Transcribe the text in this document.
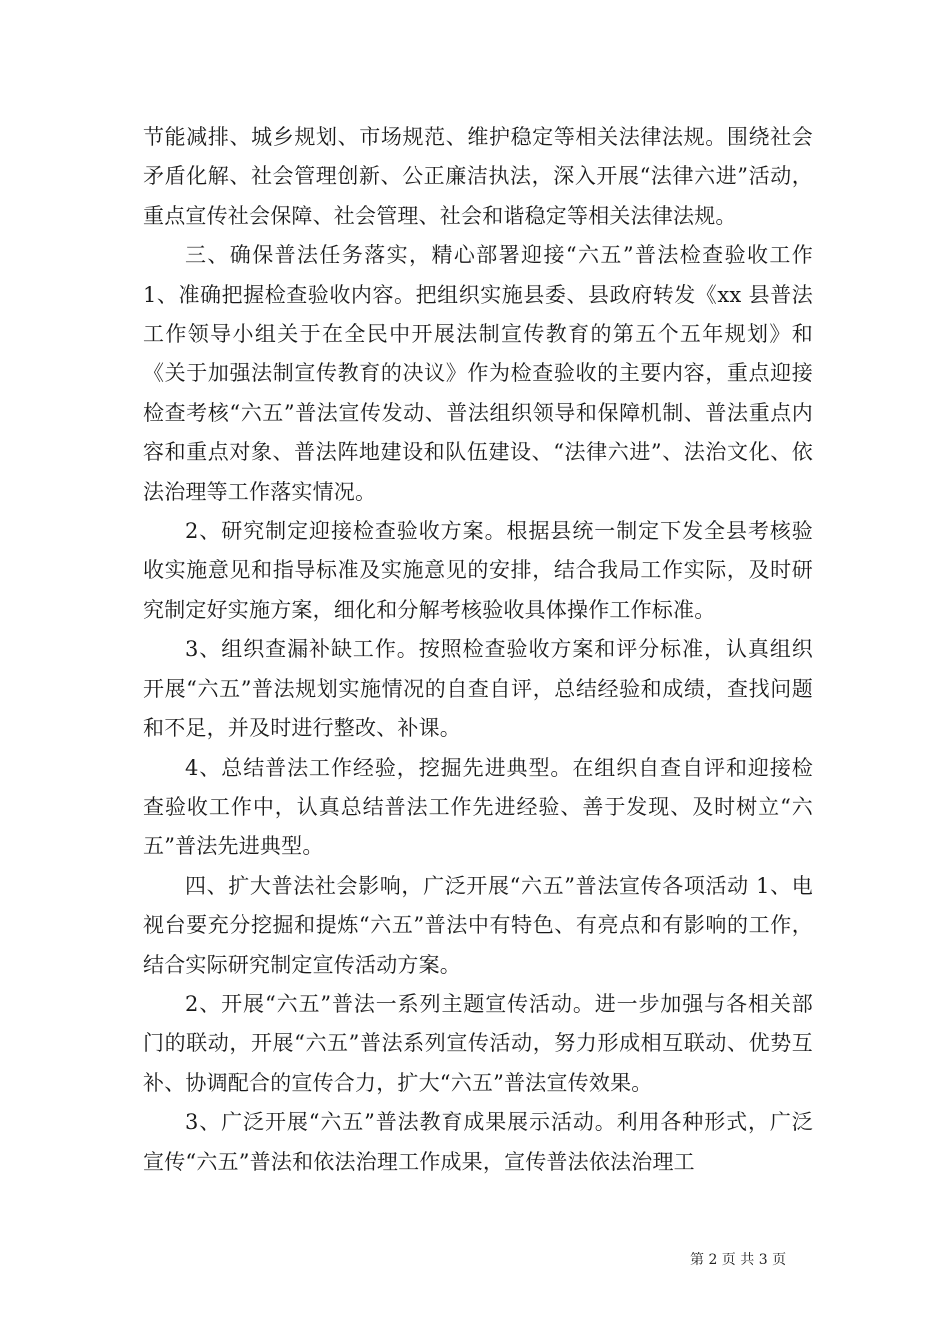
节能减排、城乡规划、市场规范、维护稳定等相关法律法规。围绕社会矛盾化解、社会管理创新、公正廉洁执法，深入开展“法律六进”活动，重点宣传社会保障、社会管理、社会和谐稳定等相关法律法规。

三、确保普法任务落实，精心部署迎接“六五”普法检查验收工作 1、准确把握检查验收内容。把组织实施县委、县政府转发《xx 县普法工作领导小组关于在全民中开展法制宣传教育的第五个五年规划》和《关于加强法制宣传教育的决议》作为检查验收的主要内容，重点迎接检查考核“六五”普法宣传发动、普法组织领导和保障机制、普法重点内容和重点对象、普法阵地建设和队伍建设、“法律六进”、法治文化、依法治理等工作落实情况。

2、研究制定迎接检查验收方案。根据县统一制定下发全县考核验收实施意见和指导标准及实施意见的安排，结合我局工作实际，及时研究制定好实施方案，细化和分解考核验收具体操作工作标准。

3、组织查漏补缺工作。按照检查验收方案和评分标准，认真组织开展“六五”普法规划实施情况的自查自评，总结经验和成绩，查找问题和不足，并及时进行整改、补课。

4、总结普法工作经验，挖掘先进典型。在组织自查自评和迎接检查验收工作中，认真总结普法工作先进经验、善于发现、及时树立“六五”普法先进典型。

四、扩大普法社会影响，广泛开展“六五”普法宣传各项活动 1、电视台要充分挖掘和提炼“六五”普法中有特色、有亮点和有影响的工作，结合实际研究制定宣传活动方案。

2、开展“六五”普法一系列主题宣传活动。进一步加强与各相关部门的联动，开展“六五”普法系列宣传活动，努力形成相互联动、优势互补、协调配合的宣传合力，扩大“六五”普法宣传效果。

3、广泛开展“六五”普法教育成果展示活动。利用各种形式，广泛宣传“六五”普法和依法治理工作成果，宣传普法依法治理工

第 2 页 共 3 页
